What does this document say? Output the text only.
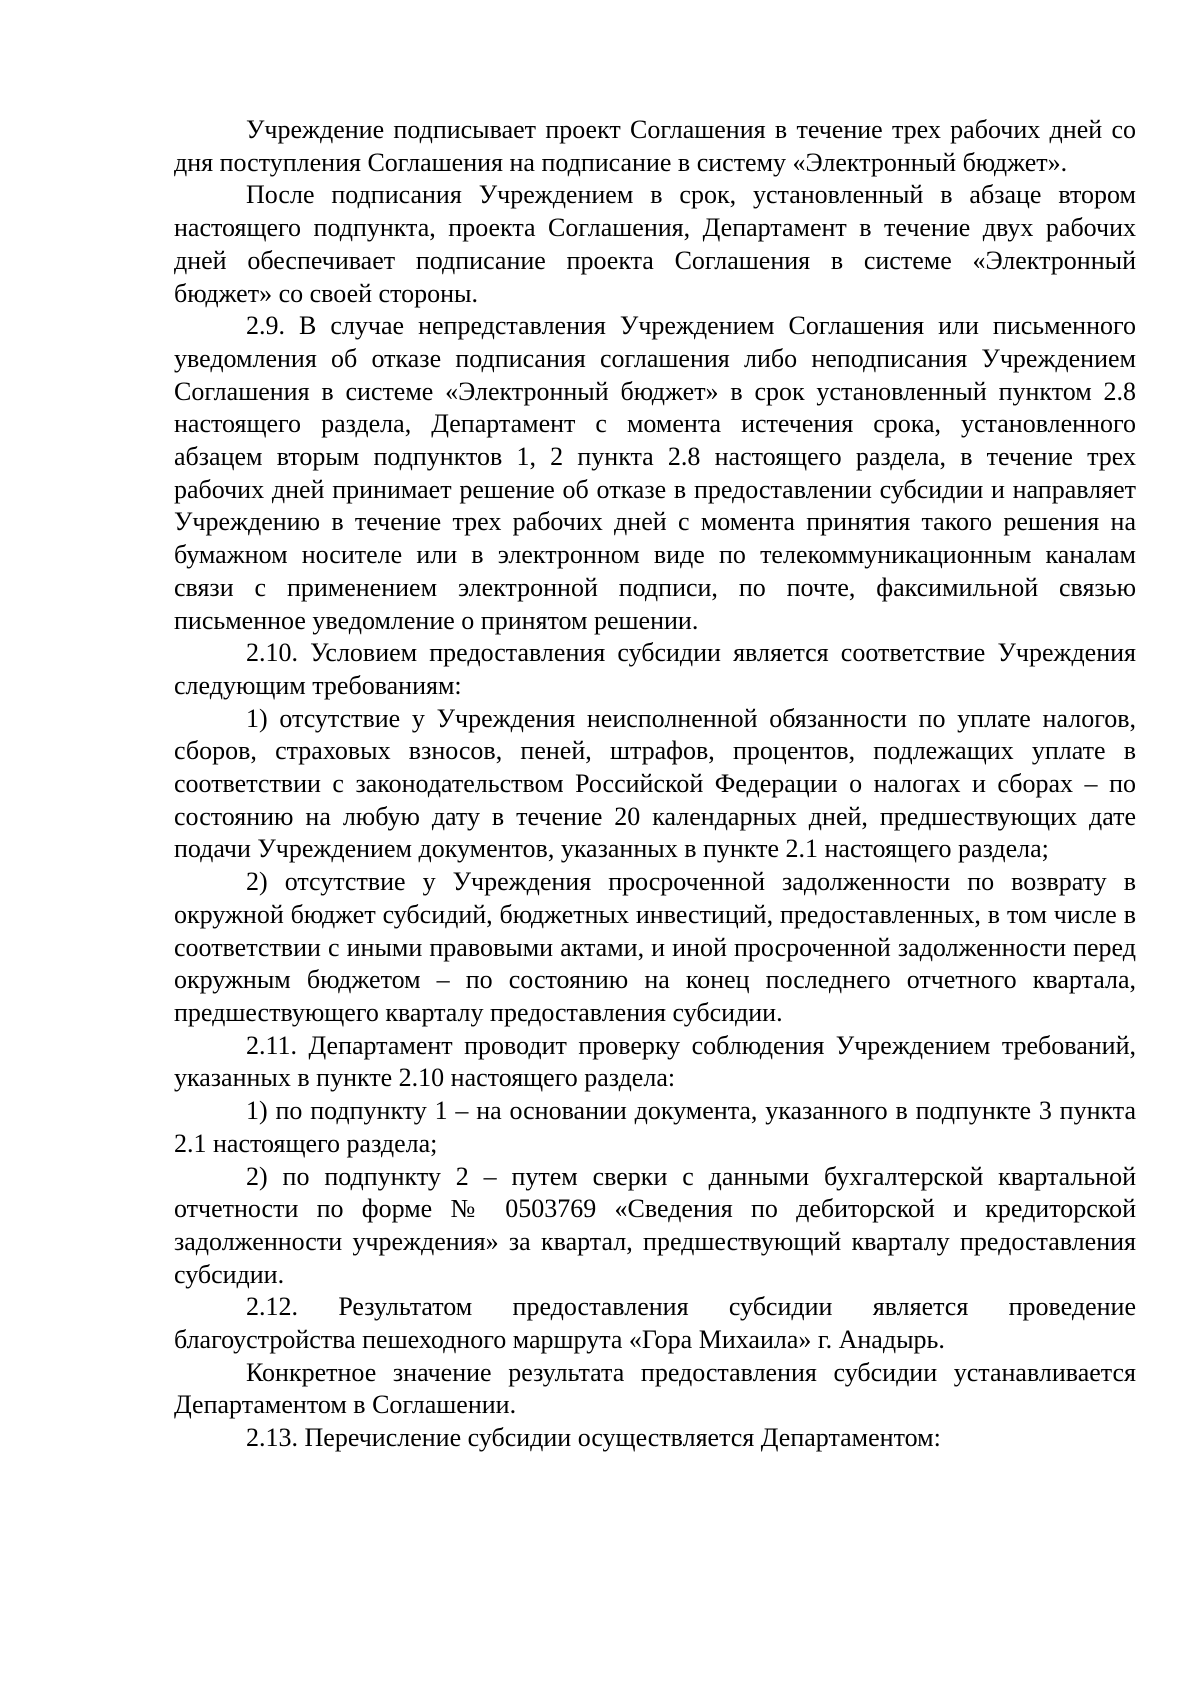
Учреждение подписывает проект Соглашения в течение трех рабочих дней со дня поступления Соглашения на подписание в систему «Электронный бюджет».

После подписания Учреждением в срок, установленный в абзаце втором настоящего подпункта, проекта Соглашения, Департамент в течение двух рабочих дней обеспечивает подписание проекта Соглашения в системе «Электронный бюджет» со своей стороны.

2.9. В случае непредставления Учреждением Соглашения или письменного уведомления об отказе подписания соглашения либо неподписания Учреждением Соглашения в системе «Электронный бюджет» в срок установленный пунктом 2.8 настоящего раздела, Департамент с момента истечения срока, установленного абзацем вторым подпунктов 1, 2 пункта 2.8 настоящего раздела, в течение трех рабочих дней принимает решение об отказе в предоставлении субсидии и направляет Учреждению в течение трех рабочих дней с момента принятия такого решения на бумажном носителе или в электронном виде по телекоммуникационным каналам связи с применением электронной подписи, по почте, факсимильной связью письменное уведомление о принятом решении.

2.10. Условием предоставления субсидии является соответствие Учреждения следующим требованиям:

1) отсутствие у Учреждения неисполненной обязанности по уплате налогов, сборов, страховых взносов, пеней, штрафов, процентов, подлежащих уплате в соответствии с законодательством Российской Федерации о налогах и сборах – по состоянию на любую дату в течение 20 календарных дней, предшествующих дате подачи Учреждением документов, указанных в пункте 2.1 настоящего раздела;

2) отсутствие у Учреждения просроченной задолженности по возврату в окружной бюджет субсидий, бюджетных инвестиций, предоставленных, в том числе в соответствии с иными правовыми актами, и иной просроченной задолженности перед окружным бюджетом – по состоянию на конец последнего отчетного квартала, предшествующего кварталу предоставления субсидии.

2.11. Департамент проводит проверку соблюдения Учреждением требований, указанных в пункте 2.10 настоящего раздела:

1) по подпункту 1 – на основании документа, указанного в подпункте 3 пункта 2.1 настоящего раздела;

2) по подпункту 2 – путем сверки с данными бухгалтерской квартальной отчетности по форме № 0503769 «Сведения по дебиторской и кредиторской задолженности учреждения» за квартал, предшествующий кварталу предоставления субсидии.

2.12. Результатом предоставления субсидии является проведение благоустройства пешеходного маршрута «Гора Михаила» г. Анадырь.

Конкретное значение результата предоставления субсидии устанавливается Департаментом в Соглашении.

2.13. Перечисление субсидии осуществляется Департаментом:
